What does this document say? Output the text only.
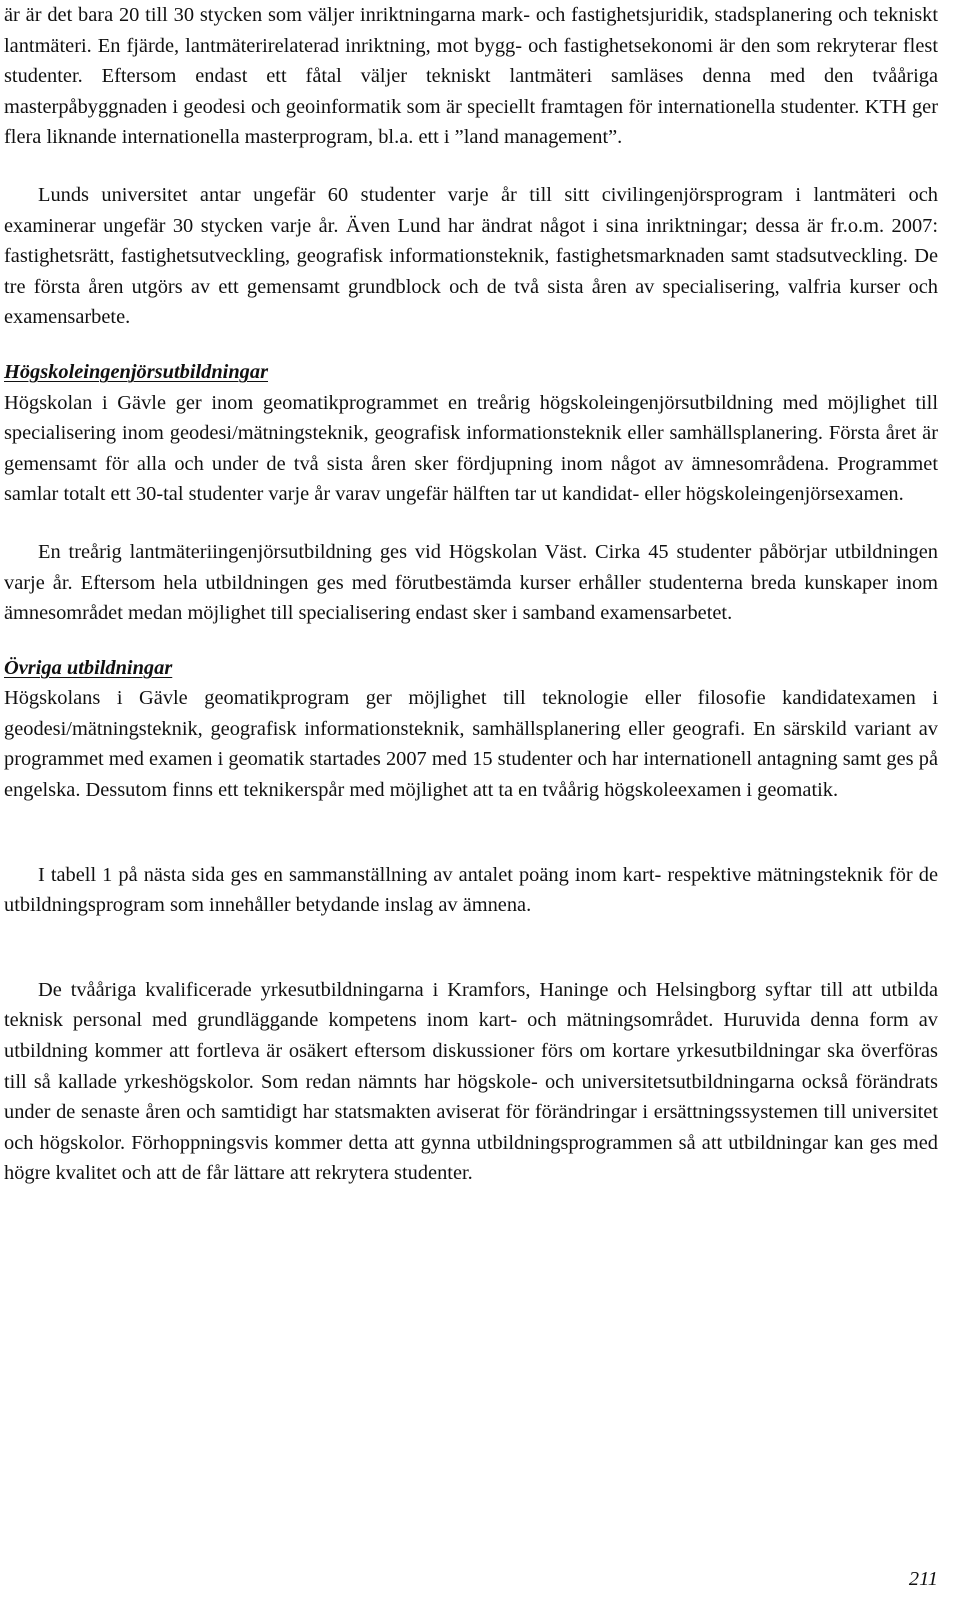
är är det bara 20 till 30 stycken som väljer inriktningarna mark- och fastighetsjuridik, stadsplanering och tekniskt lantmäteri. En fjärde, lantmäterirelaterad inriktning, mot bygg- och fastighetsekonomi är den som rekryterar flest studenter. Eftersom endast ett fåtal väljer tekniskt lantmäteri samläses denna med den tvååriga masterpåbyggnaden i geodesi och geoinformatik som är speciellt framtagen för internationella studenter. KTH ger flera liknande internationella masterprogram, bl.a. ett i ”land management”.

Lunds universitet antar ungefär 60 studenter varje år till sitt civilingenjörsprogram i lantmäteri och examinerar ungefär 30 stycken varje år. Även Lund har ändrat något i sina inriktningar; dessa är fr.o.m. 2007: fastighetsrätt, fastighetsutveckling, geografisk informationsteknik, fastighetsmarknaden samt stadsutveckling. De tre första åren utgörs av ett gemensamt grundblock och de två sista åren av specialisering, valfria kurser och examensarbete.

Högskoleingenjörsutbildningar

Högskolan i Gävle ger inom geomatikprogrammet en treårig högskoleingenjörsutbildning med möjlighet till specialisering inom geodesi/mätningsteknik, geografisk informationsteknik eller samhällsplanering. Första året är gemensamt för alla och under de två sista åren sker fördjupning inom något av ämnesområdena. Programmet samlar totalt ett 30-tal studenter varje år varav ungefär hälften tar ut kandidat- eller högskoleingenjörsexamen.

En treårig lantmäteriingenjörsutbildning ges vid Högskolan Väst. Cirka 45 studenter påbörjar utbildningen varje år. Eftersom hela utbildningen ges med förutbestämda kurser erhåller studenterna breda kunskaper inom ämnesområdet medan möjlighet till specialisering endast sker i samband examensarbetet.

Övriga utbildningar

Högskolans i Gävle geomatikprogram ger möjlighet till teknologie eller filosofie kandidatexamen i geodesi/mätningsteknik, geografisk informationsteknik, samhällsplanering eller geografi. En särskild variant av programmet med examen i geomatik startades 2007 med 15 studenter och har internationell antagning samt ges på engelska. Dessutom finns ett teknikerspår med möjlighet att ta en tvåårig högskoleexamen i geomatik.

I tabell 1 på nästa sida ges en sammanställning av antalet poäng inom kart- respektive mätningsteknik för de utbildningsprogram som innehåller betydande inslag av ämnena.

De tvååriga kvalificerade yrkesutbildningarna i Kramfors, Haninge och Helsingborg syftar till att utbilda teknisk personal med grundläggande kompetens inom kart- och mätningsområdet. Huruvida denna form av utbildning kommer att fortleva är osäkert eftersom diskussioner förs om kortare yrkesutbildningar ska överföras till så kallade yrkeshögskolor. Som redan nämnts har högskole- och universitetsutbildningarna också förändrats under de senaste åren och samtidigt har statsmakten aviserat för förändringar i ersättningssystemen till universitet och högskolor. Förhoppningsvis kommer detta att gynna utbildningsprogrammen så att utbildningar kan ges med högre kvalitet och att de får lättare att rekrytera studenter.

211
